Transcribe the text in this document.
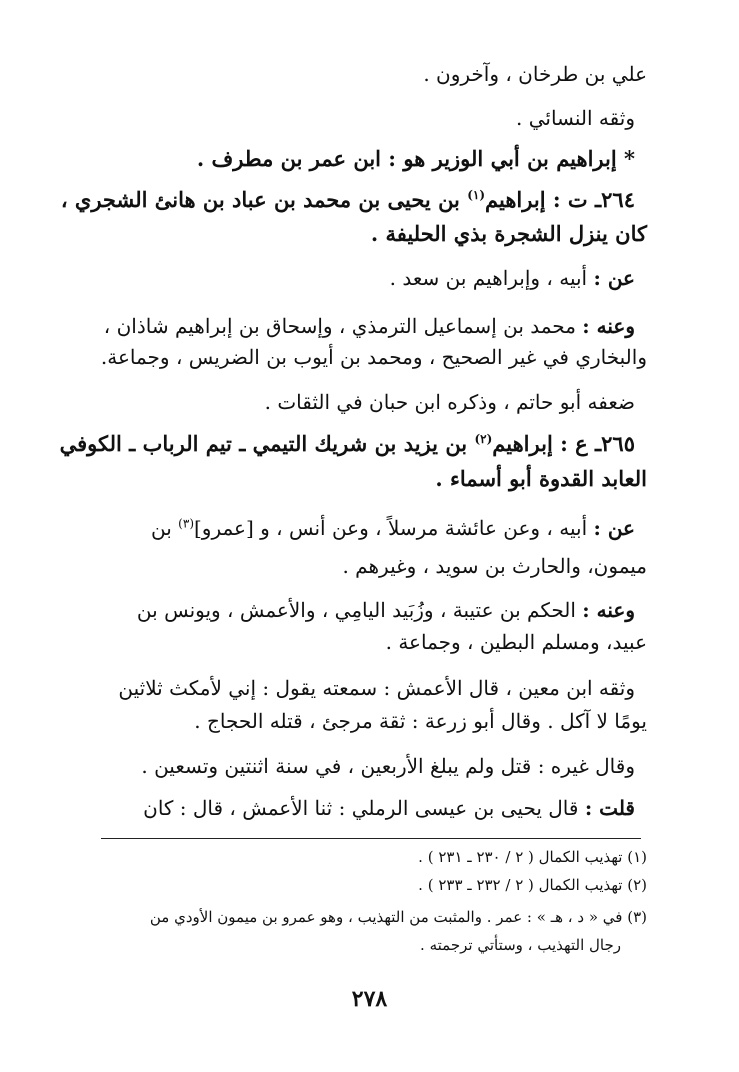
علي بن طرخان ، وآخرون .
وثقه النسائي .
* إبراهيم بن أبي الوزير هو : ابن عمر بن مطرف .
٢٦٤ـ ت : إبراهيم$^{(١)}$ بن يحيى بن محمد بن عباد بن هانئ الشجري ،
كان ينزل الشجرة بذي الحليفة .
عن : أبيه ، وإبراهيم بن سعد .
وعنه : محمد بن إسماعيل الترمذي ، وإسحاق بن إبراهيم شاذان ،
والبخاري في غير الصحيح ، ومحمد بن أيوب بن الضريس ، وجماعة.
ضعفه أبو حاتم ، وذكره ابن حبان في الثقات .
٢٦٥ـ ع : إبراهيم$^{(٢)}$ بن يزيد بن شريك التيمي ـ تيم الرباب ـ الكوفي
العابد القدوة أبو أسماء .
عن : أبيه ، وعن عائشة مرسلاً ، وعن أنس ، و [عمرو]$^{(٣)}$ بن
ميمون، والحارث بن سويد ، وغيرهم .
وعنه : الحكم بن عتيبة ، وزُبَيد اليامِي ، والأعمش ، ويونس بن
عبيد، ومسلم البطين ، وجماعة .
وثقه ابن معين ، قال الأعمش : سمعته يقول : إني لأمكث ثلاثين
يومًا لا آكل . وقال أبو زرعة : ثقة مرجئ ، قتله الحجاج .
وقال غيره : قتل ولم يبلغ الأربعين ، في سنة اثنتين وتسعين .
قلت : قال يحيى بن عيسى الرملي : ثنا الأعمش ، قال : كان
(١) تهذيب الكمال ( ٢ / ٢٣٠ ـ ٢٣١ ) .
(٢) تهذيب الكمال ( ٢ / ٢٣٢ ـ ٢٣٣ ) .
(٣) في « د ، هـ » : عمر . والمثبت من التهذيب ، وهو عمرو بن ميمون الأودي من
رجال التهذيب ، وستأتي ترجمته .
٢٧٨
